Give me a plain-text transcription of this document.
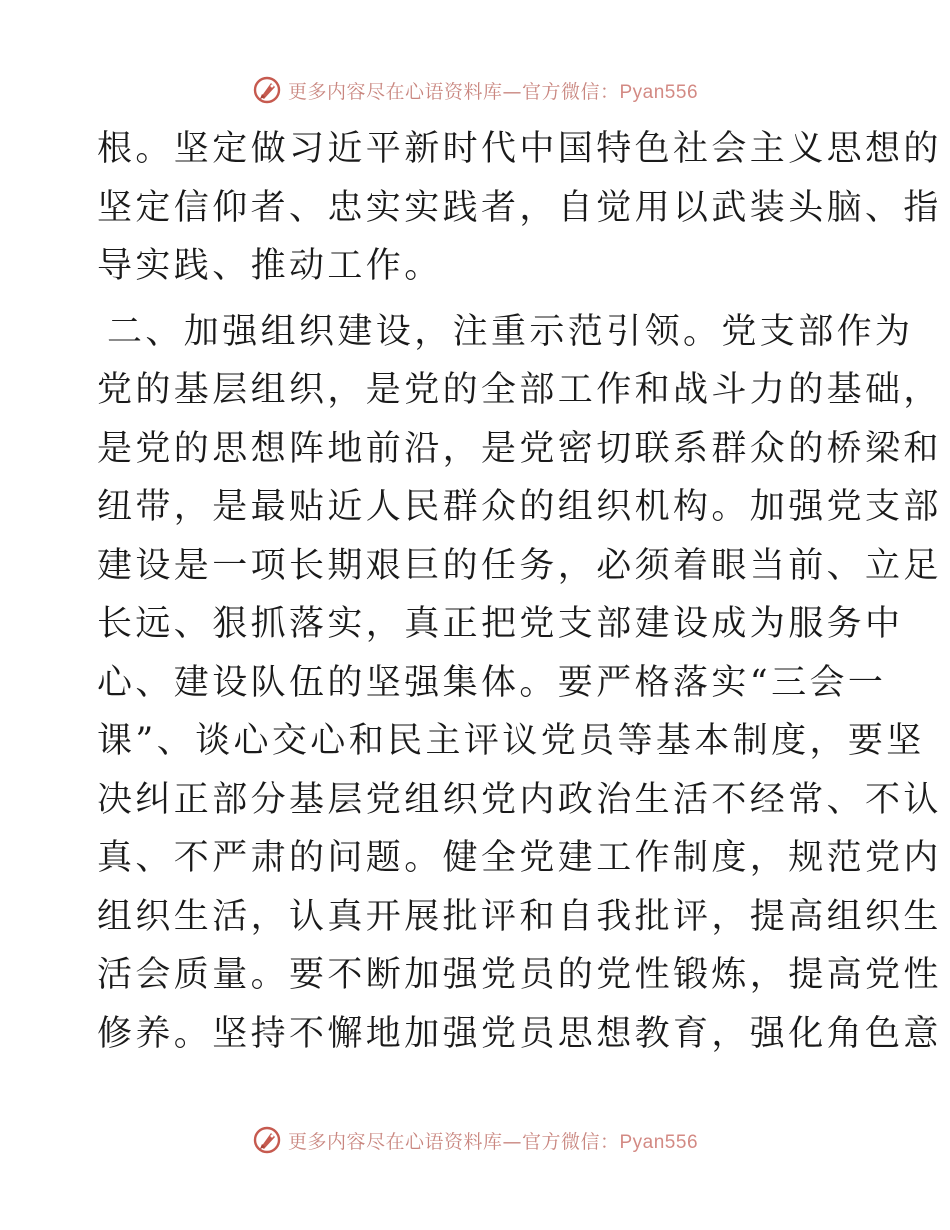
更多内容尽在心语资料库—官方微信：Pyan556

根。坚定做习近平新时代中国特色社会主义思想的
坚定信仰者、忠实实践者，自觉用以武装头脑、指
导实践、推动工作。

二、加强组织建设，注重示范引领。党支部作为
党的基层组织，是党的全部工作和战斗力的基础，
是党的思想阵地前沿，是党密切联系群众的桥梁和
纽带，是最贴近人民群众的组织机构。加强党支部
建设是一项长期艰巨的任务，必须着眼当前、立足
长远、狠抓落实，真正把党支部建设成为服务中
心、建设队伍的坚强集体。要严格落实“三会一
课”、谈心交心和民主评议党员等基本制度，要坚
决纠正部分基层党组织党内政治生活不经常、不认
真、不严肃的问题。健全党建工作制度，规范党内
组织生活，认真开展批评和自我批评，提高组织生
活会质量。要不断加强党员的党性锻炼，提高党性
修养。坚持不懈地加强党员思想教育，强化角色意

更多内容尽在心语资料库—官方微信：Pyan556
